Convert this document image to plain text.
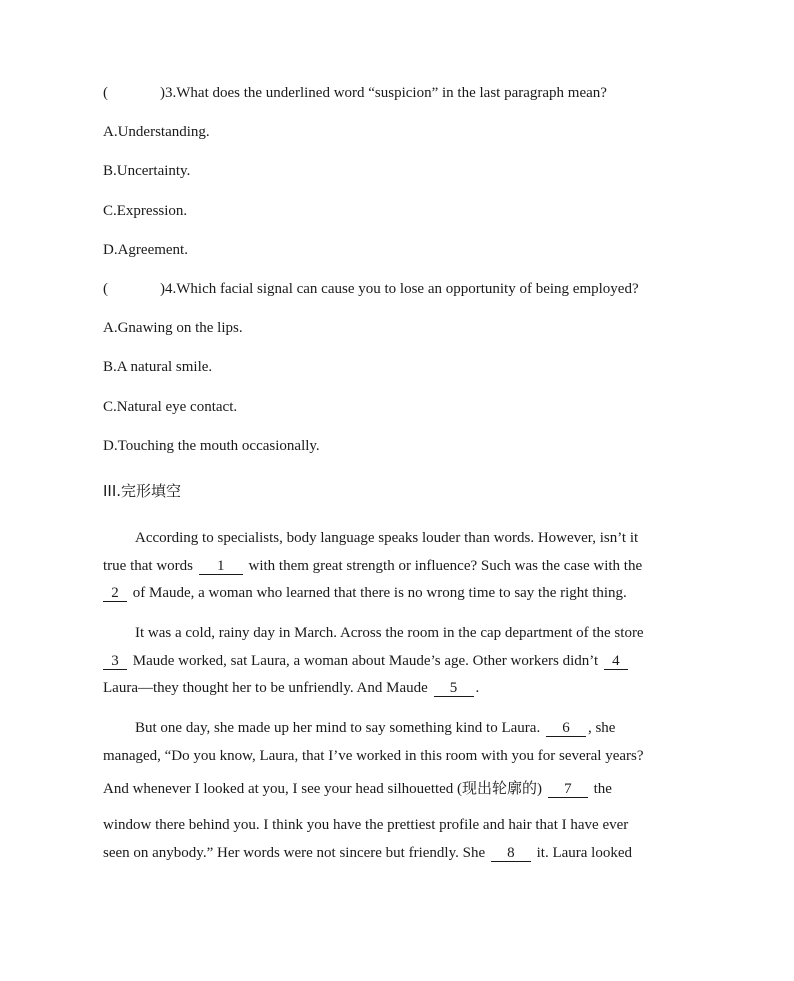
(	)3.What does the underlined word “suspicion” in the last paragraph mean?
A.Understanding.
B.Uncertainty.
C.Expression.
D.Agreement.
(	)4.Which facial signal can cause you to lose an opportunity of being employed?
A.Gnawing on the lips.
B.A natural smile.
C.Natural eye contact.
D.Touching the mouth occasionally.
III.完形填空
According to specialists, body language speaks louder than words. However, isn’t it
true that words 1 with them great strength or influence? Such was the case with the
2 of Maude, a woman who learned that there is no wrong time to say the right thing.
It was a cold, rainy day in March. Across the room in the cap department of the store
3 Maude worked, sat Laura, a woman about Maude’s age. Other workers didn’t 4
Laura—they thought her to be unfriendly. And Maude 5 .
But one day, she made up her mind to say something kind to Laura. 6 , she
managed, “Do you know, Laura, that I’ve worked in this room with you for several years?
And whenever I looked at you, I see your head silhouetted (现出轮廓的) 7 the
window there behind you. I think you have the prettiest profile and hair that I have ever
seen on anybody.” Her words were not sincere but friendly. She 8 it. Laura looked
